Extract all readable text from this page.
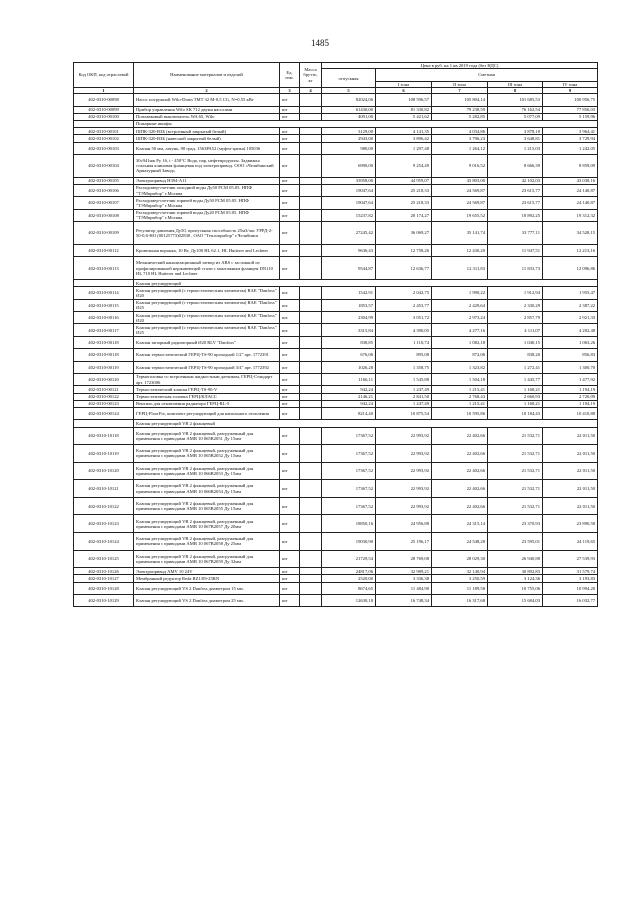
1485
Код ОКП, код отраслевой	Наименование материалов и изделий	Ед. изм.	Масса брутто, кг	Цена в руб. на 1 кв 2019 года (без НДС)				
				отпускная	Сметная			
					I зона	II зона	III зона	IV зона
1	2	3	4	5	6	7	8	9
402-0310-00098	Насос погружной Wilo-Drain TMT 32 M-0,5 CG, N=0,55 кВт	шт		82024,06	108 596,57	105 804,14	101 685,53	100 956,75
402-0310-00099	Прибор управления Wilo SK 712 двумя насосами	шт		61430,00	81 330,82	79 238,59	76 162,54	77 856,03
402-0310-00100	Поплавковый выключатель WA 65, Wilo	шт		4091,00	5 421,62	5 282,85	5 077,09	5 159,96
	Пожарные шкафы							
402-0310-00101	ШПК-320-ВЗБ (встроенный закрытый белый)	шт		3129,00	4 141,35	4 034,86	3 878,18	3 964,41
402-0310-00102	ШПК-320-ВЗБ (навесной закрытый белый)	шт		2943,00	3 896,42	3 796,23	3 648,81	3 729,94
402-0310-00103	Клапан 50 мм, латунь, 90 град. 1563РА52 (муфта-цапка) 105036	шт		980,00	1 297,48	1 264,12	1 215,03	1 242,05
402-0310-00104	30с941нж Ру 16, t - 450°C Вода, пар, нефтепродукты. Задвижка стальная клиновая фланцевая под электропривод. ООО «Челябинский Арматурный Завод»	шт		6990,00	9 254,49	9 016,52	8 666,39	8 859,09
402-0310-00105	Электропривод Н394-А11	шт		33958,00	44 959,07	43 803,00	42 102,03	43 038,16
402-0310-00106	Расходомер-счетчик холодной воды Ду50 РСМ 05.05. НПФ "ТЭМприбор" г.Москва	шт		19047,64	25 218,33	24 569,87	23 615,77	24 140,87
402-0310-00107	Расходомер-счетчик горячей воды Ду50 РСМ 05.05. НПФ "ТЭМприбор" г.Москва	шт		19047,64	25 218,33	24 569,87	23 615,77	24 140,87
402-0310-00108	Расходомер-счетчик горячей воды Ду20 РСМ 05.05. НПФ "ТЭМприбор" г.Москва	шт		15237,82	20 174,27	19 655,52	18 892,25	19 312,32
402-0310-00109	Регулятор давления Ду50, пропускная способность 25м3/час УРРД-2-50-0,6-НО (00125773)02838 , ОАО "Теплоприбор" г.Челябинск	шт		27245,42	36 069,27	35 141,74	33 777,11	34 528,15
402-0310-00112	Кровельная воронка, 10 Вт, Ду100 HL 62.1, HL Hutterer and Lechner	шт		9636,43	12 758,26	12 430,20	11 947,51	12 213,16
402-0310-00113	Механический канализационный затвор из ABS с заслонкой из профилированной нержавеющей стали с монтажным фланцем DN110 HL 710 HL Hutterer and Lechner	шт		9544,87	12 636,77	12 311,83	11 833,73	12 096,86
	Клапан регулирующий							
402-0310-00114	Клапан регулирующий (с термостатическим элементом) RAE "Danfoss" Ø20	шт.		1542,91	2 042,75	1 990,22	1 912,94	1 955,47
402-0310-00115	Клапан регулирующий (с термостатическим элементом) RAE "Danfoss" Ø25	шт.		1853,57	2 453,77	2 429,64	2 330,29	2 387,22
402-0310-00116	Клапан регулирующий (с термостатическим элементом) RAE "Danfoss" Ø20	шт.		2304,99	3 051,72	2 973,24	2 857,79	2 921,33
402-0310-00117	Клапан регулирующий (с термостатическим элементом) RAE "Danfoss" Ø25	шт.		3315,84	4 390,05	4 277,16	4 111,07	4 202,48
402-0310-00118	Клапан запорный радиаторный Ø20 RLV "Danfoss"	шт		838,85	1 110,74	1 082,18	1 040,15	1 063,26
402-0310-00118	Клапан термостатический ГЕРЦ-TS-90 проходной 1/2" арт. 1772391	шт		676,06	895,08	872,06	838,20	856,83
402-0310-00119	Клапан термостатический ГЕРЦ-TS-90 проходной 3/4" арт. 1772392	шт		1026,28	1 358,75	1 323,82	1 272,41	1 300,70
402-0310-00120	Термоголовка со встроенным жидкостным датчиком, ГЕРЦ-Стандарт арт. 1723006	шт		1166,11	1 545,88	1 504,18	1 445,77	1 477,92
402-0310-00121	Термостатический клапан ГЕРЦ-TS-90-V	шт		942,24	1 247,49	1 215,41	1 168,21	1 194,19
402-0310-00122	Термостатическая головка ГЕРЦ/КЛАСС	шт		2146,21	2 841,50	2 768,43	2 660,93	2 720,09
402-0310-00123	Вентиль для отключения радиатора ГЕРЦ-RL-5	шт		942,24	1 247,49	1 215,41	1 168,21	1 194,19
402-0310-00124	ГЕРЦ-FloorFix, комплект регулирующий для напольного отопления	шт		8214,40	10 875,54	10 595,86	10 184,43	10 410,88
	Клапан регулирующий VB 2 фланцевый							
402-0310-10118	Клапан регулирующий VB 2 фланцевый, разгруженный для применения с приводами AMB 10 065B2051 Ду 15мм	шт		17367,52	22 993,92	22 402,66	21 532,71	22 011,50
402-0310-10119	Клапан регулирующий VB 2 фланцевый, разгруженный для применения с приводами AMB 10 065B2052 Ду 15мм	шт		17367,52	22 993,92	22 402,66	21 532,71	22 011,50
402-0310-10120	Клапан регулирующий VB 2 фланцевый, разгруженный для применения с приводами AMB 10 066B2053 Ду 15мм	шт		17367,52	22 993,92	22 402,66	21 532,71	22 011,50
402-0310-10121	Клапан регулирующий VB 2 фланцевый, разгруженный для применения с приводами AMB 10 066B2054 Ду 15мм	шт		17367,52	22 993,92	22 402,66	21 532,71	22 011,50
402-0310-10122	Клапан регулирующий VB 2 фланцевый, разгруженный для применения с приводами AMB 10 065B2055 Ду 15мм	шт		17367,52	22 993,92	22 402,66	21 532,71	22 011,50
402-0310-10123	Клапан регулирующий VB 2 фланцевый, разгруженный для применения с приводами AMB 10 067B2057 Ду 20мм	шт		18850,16	24 956,88	24 315,14	23 370,93	23 890,58
402-0310-10124	Клапан регулирующий VB 2 фланцевый, разгруженный для применения с приводами AMB 10 067B2058 Ду 25мм	шт		19030,90	25 196,17	24 548,28	23 595,01	24 119,65
402-0310-10125	Клапан регулирующий VB 2 фланцевый, разгруженный для применения с приводами AMB 10 067B2059 Ду 32мм	шт		21729,54	28 769,08	28 029,30	26 940,88	27 539,93
402-0310-10126	Электропривод AMV 10 24V	шт		24817,06	32 989,21	32 140,94	30 892,83	31 579,74
402-0310-10127	Мембранный редуктор Reda RZ1/09-25RN	шт		2520,00	3 336,38	3 250,59	3 124,36	3 193,83
402-0310-10128	Клапан регулирующий VS 2 Danfoss диаметром 15 мм.	шт		8674,65	11 484,90	11 189,58	10 755,06	10 994,20
402-0310-10129	Клапан регулирующий VS 2 Danfoss диаметром 25 мм.	шт		12630,18	16 748,34	16 317,68	15 684,03	16 032,77
